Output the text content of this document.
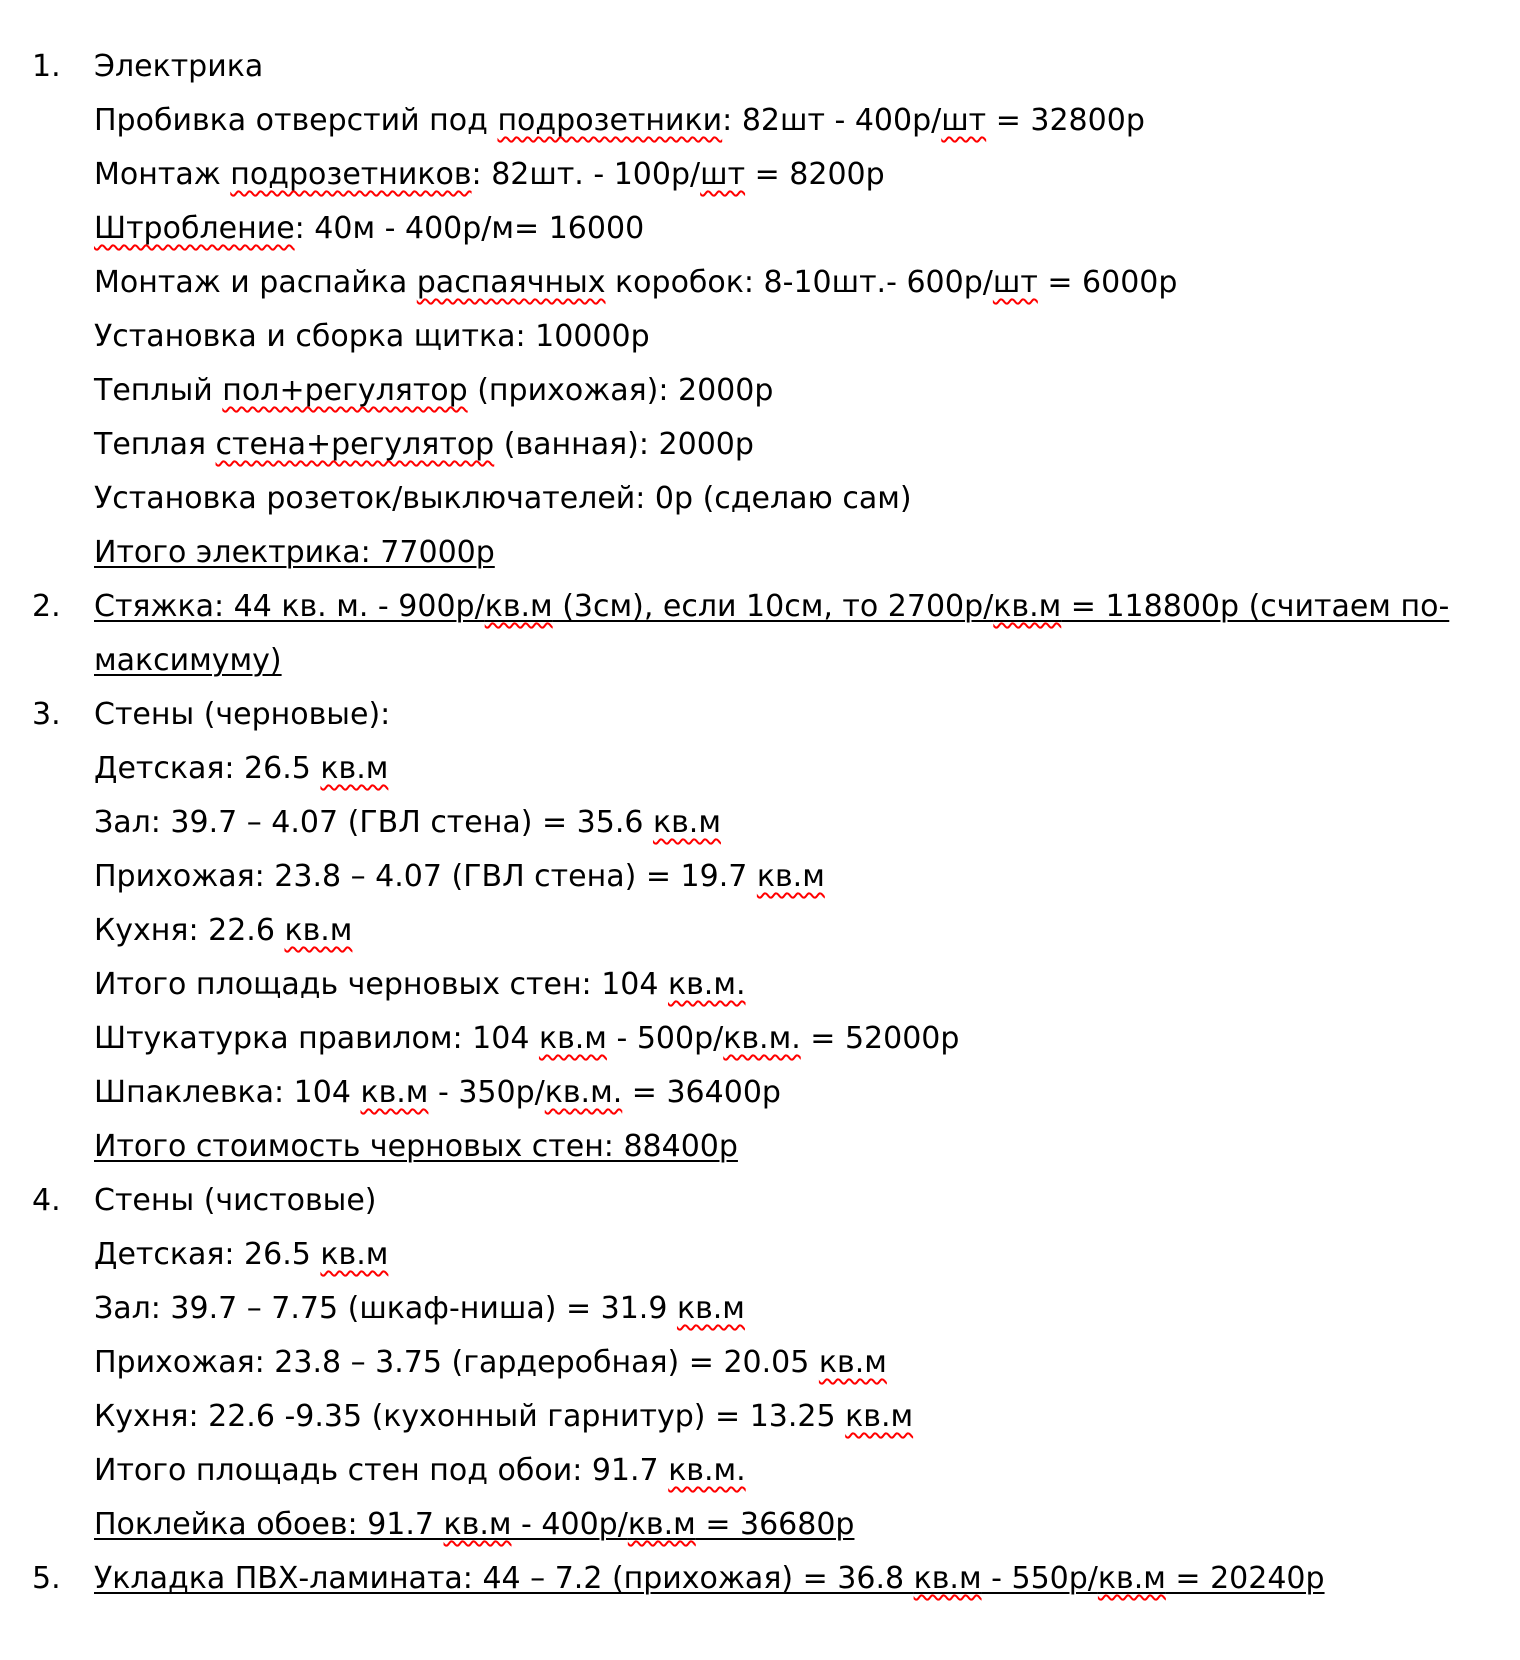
1.	Электрика
Пробивка отверстий под подрозетники: 82шт - 400р/шт = 32800р
Монтаж подрозетников: 82шт. - 100р/шт = 8200р
Штробление: 40м - 400р/м= 16000
Монтаж и распайка распаячных коробок: 8-10шт.- 600р/шт = 6000р
Установка и сборка щитка: 10000р
Теплый пол+регулятор (прихожая): 2000р
Теплая стена+регулятор (ванная): 2000р
Установка розеток/выключателей: 0р (сделаю сам)
Итого электрика: 77000р
2.	Стяжка: 44 кв. м. - 900р/кв.м (3см), если 10см, то 2700р/кв.м = 118800р (считаем по-
максимуму)
3.	Стены (черновые):
Детская: 26.5 кв.м
Зал: 39.7 – 4.07 (ГВЛ стена) = 35.6 кв.м
Прихожая: 23.8 – 4.07 (ГВЛ стена) = 19.7 кв.м
Кухня: 22.6 кв.м
Итого площадь черновых стен: 104 кв.м.
Штукатурка правилом: 104 кв.м - 500р/кв.м. = 52000р
Шпаклевка: 104 кв.м - 350р/кв.м. = 36400р
Итого стоимость черновых стен: 88400р
4.	Стены (чистовые)
Детская: 26.5 кв.м
Зал: 39.7 – 7.75 (шкаф-ниша) = 31.9 кв.м
Прихожая: 23.8 – 3.75 (гардеробная) = 20.05 кв.м
Кухня: 22.6 -9.35 (кухонный гарнитур) = 13.25 кв.м
Итого площадь стен под обои: 91.7 кв.м.
Поклейка обоев: 91.7 кв.м - 400р/кв.м = 36680р
5.	Укладка ПВХ-ламината: 44 – 7.2 (прихожая) = 36.8 кв.м - 550р/кв.м = 20240р
